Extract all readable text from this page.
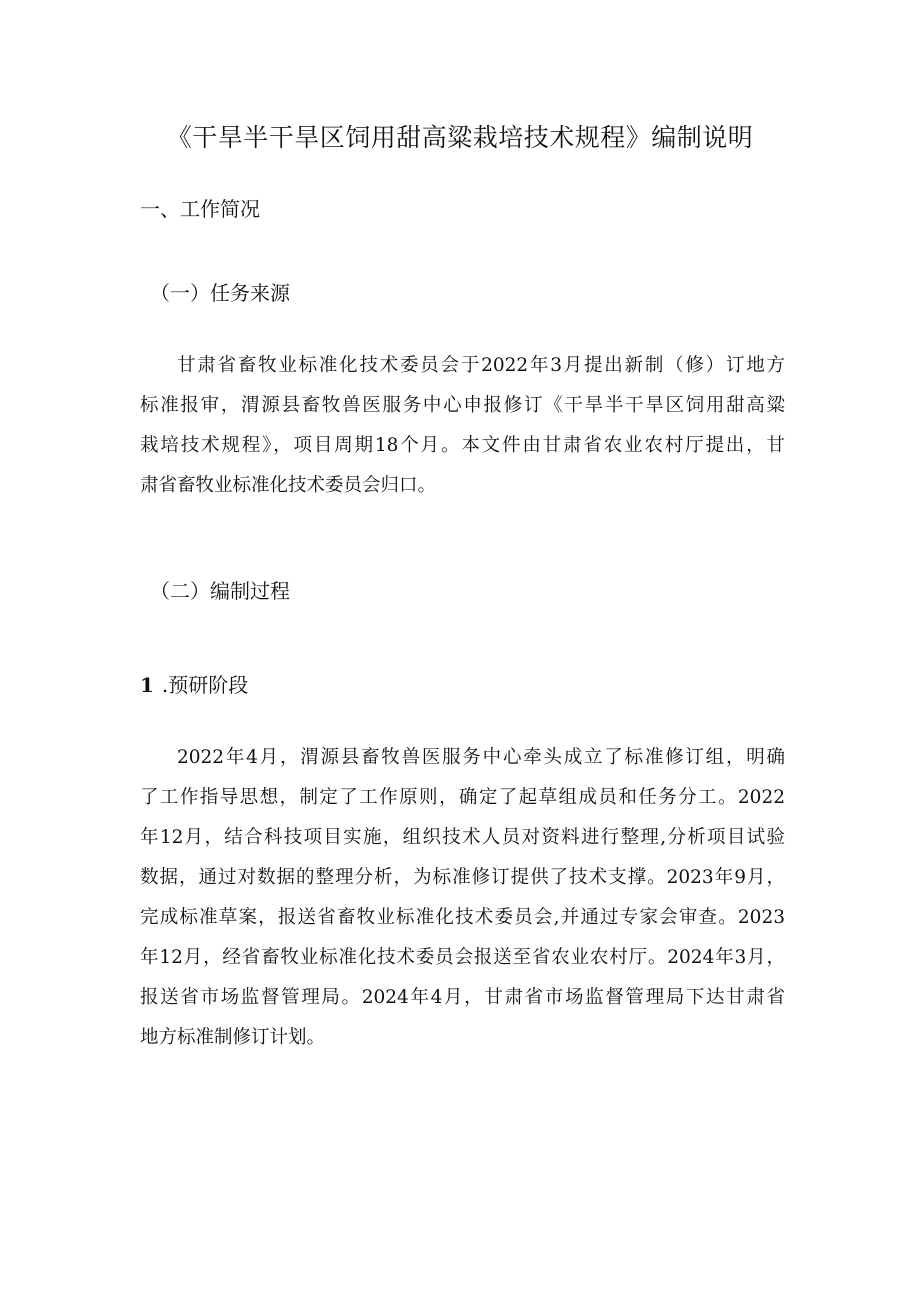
《干旱半干旱区饲用甜高粱栽培技术规程》编制说明
一、工作简况
（一）任务来源
甘肃省畜牧业标准化技术委员会于2022年3月提出新制（修）订地方
标准报审，渭源县畜牧兽医服务中心申报修订《干旱半干旱区饲用甜高粱
栽培技术规程》，项目周期18个月。本文件由甘肃省农业农村厅提出，甘
肃省畜牧业标准化技术委员会归口。
（二）编制过程
1 .预研阶段
2022年4月，渭源县畜牧兽医服务中心牵头成立了标准修订组，明确
了工作指导思想，制定了工作原则，确定了起草组成员和任务分工。2022
年12月，结合科技项目实施，组织技术人员对资料进行整理,分析项目试验
数据，通过对数据的整理分析，为标准修订提供了技术支撑。2023年9月，
完成标准草案，报送省畜牧业标准化技术委员会,并通过专家会审查。2023
年12月，经省畜牧业标准化技术委员会报送至省农业农村厅。2024年3月，
报送省市场监督管理局。2024年4月，甘肃省市场监督管理局下达甘肃省
地方标准制修订计划。
